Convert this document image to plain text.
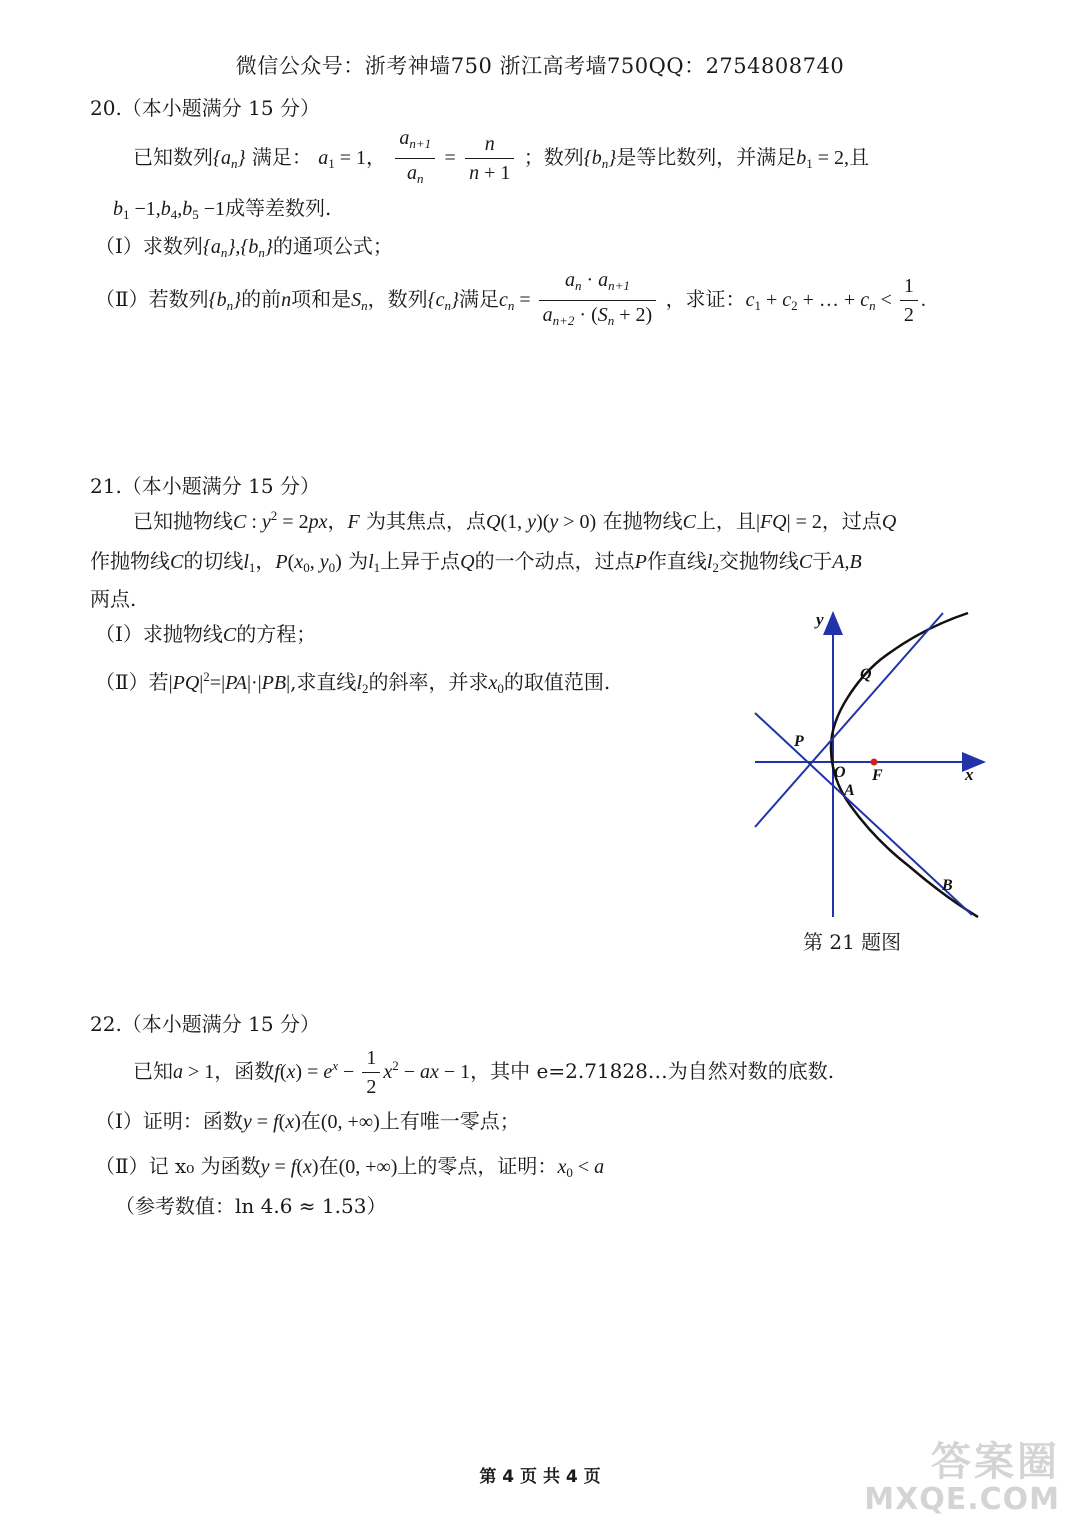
微信公众号：浙考神墙750 浙江高考墙750QQ：2754808740
20.（本小题满分 15 分）
已知数列$\{a_n\}$ 满足： $a_1 = 1$， $\frac{a_{n+1}}{a_n} = \frac{n}{n + 1}$ ；数列$\{b_n\}$是等比数列，并满足$b_1 = 2$,且
$b_1 -1,b_4,b_5 -1$成等差数列.
（Ⅰ）求数列$\{a_n\},\{b_n\}$的通项公式；
（Ⅱ）若数列$\{b_n\}$的前n项和是$S_n$，数列$\{c_n\}$满足$c_n = \frac{a_n \cdot a_{n+1}}{a_{n+2} \cdot (S_n + 2)}$ ，求证：$c_1 + c_2$ + … + $c_n < \frac{1}{2}$ .
21.（本小题满分 15 分）
已知抛物线C : $y^2 = 2px$，F 为其焦点，点Q(1, y)(y > 0) 在抛物线C上，且|FQ| = 2，过点Q
作抛物线C的切线$l_1$，$P(x_0$, $y_0$) 为$l_1$上异于点Q的一个动点，过点P作直线$l_2$交抛物线C于A,B
两点.
（Ⅰ）求抛物线C的方程；
（Ⅱ）若$|PQ|^2=|PA|\cdot|PB|$,求直线$l_2$的斜率，并求$x_0$的取值范围.
y
x
O F
P
Q
A
B
第 21 题图
22.（本小题满分 15 分）
已知a > 1，函数$f(x) = e^x - \frac{1}{2} x^2$ − ax − 1，其中 e=2.71828…为自然对数的底数.
（Ⅰ）证明：函数y = f(x)在(0, +∞)上有唯一零点；
（Ⅱ）记 x₀ 为函数y = f(x)在(0, +∞)上的零点，证明：$x_0 < a$
（参考数值：ln 4.6 ≈ 1.53）
第 4 页 共 4 页	答案圈
MXQE.COM
